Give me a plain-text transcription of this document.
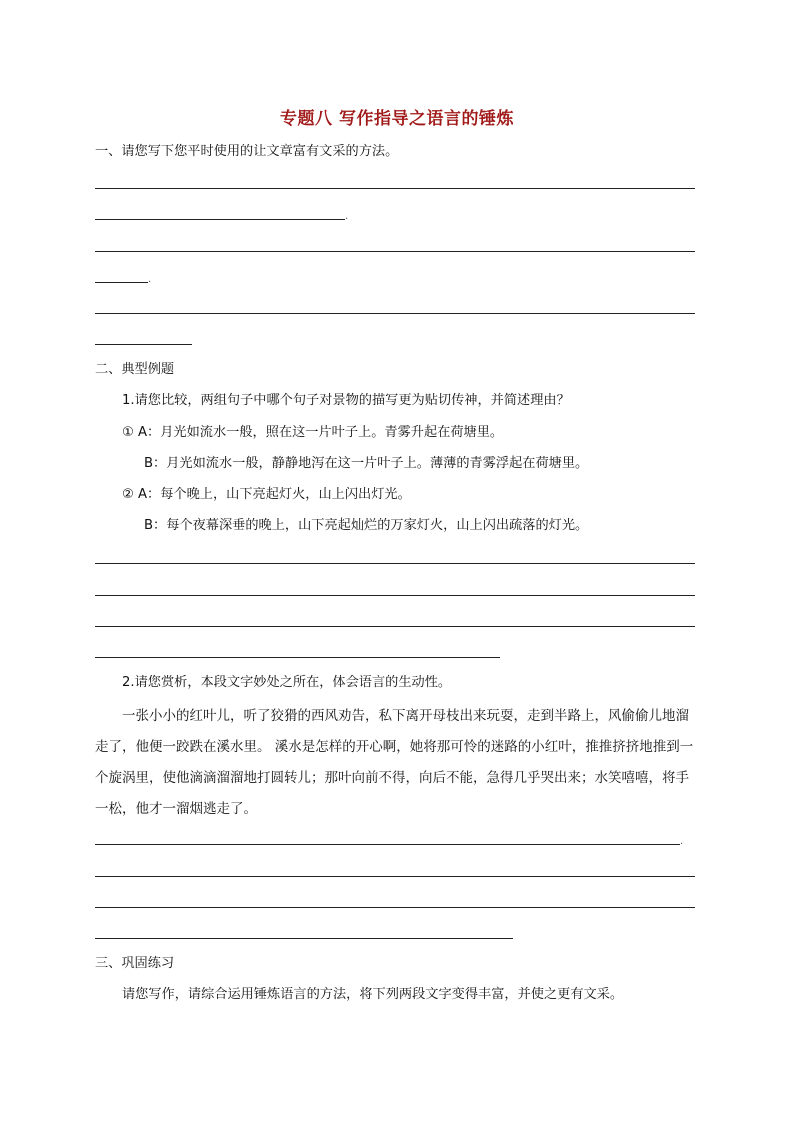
专题八 写作指导之语言的锤炼
一、请您写下您平时使用的让文章富有文采的方法。
.
.
二、典型例题
1.请您比较，两组句子中哪个句子对景物的描写更为贴切传神，并简述理由？
① A：月光如流水一般，照在这一片叶子上。青雾升起在荷塘里。
B：月光如流水一般，静静地泻在这一片叶子上。薄薄的青雾浮起在荷塘里。
② A：每个晚上，山下亮起灯火，山上闪出灯光。
B：每个夜幕深垂的晚上，山下亮起灿烂的万家灯火，山上闪出疏落的灯光。
2.请您赏析，本段文字妙处之所在，体会语言的生动性。
一张小小的红叶儿，听了狡猾的西风劝告，私下离开母枝出来玩耍，走到半路上，风偷偷儿地溜走了，他便一跤跌在溪水里。 溪水是怎样的开心啊，她将那可怜的迷路的小红叶，推推挤挤地推到一个旋涡里，使他滴滴溜溜地打圆转儿；那叶向前不得，向后不能，急得几乎哭出来；水笑嘻嘻，将手一松，他才一溜烟逃走了。
.
三、巩固练习
请您写作，请综合运用锤炼语言的方法，将下列两段文字变得丰富，并使之更有文采。
